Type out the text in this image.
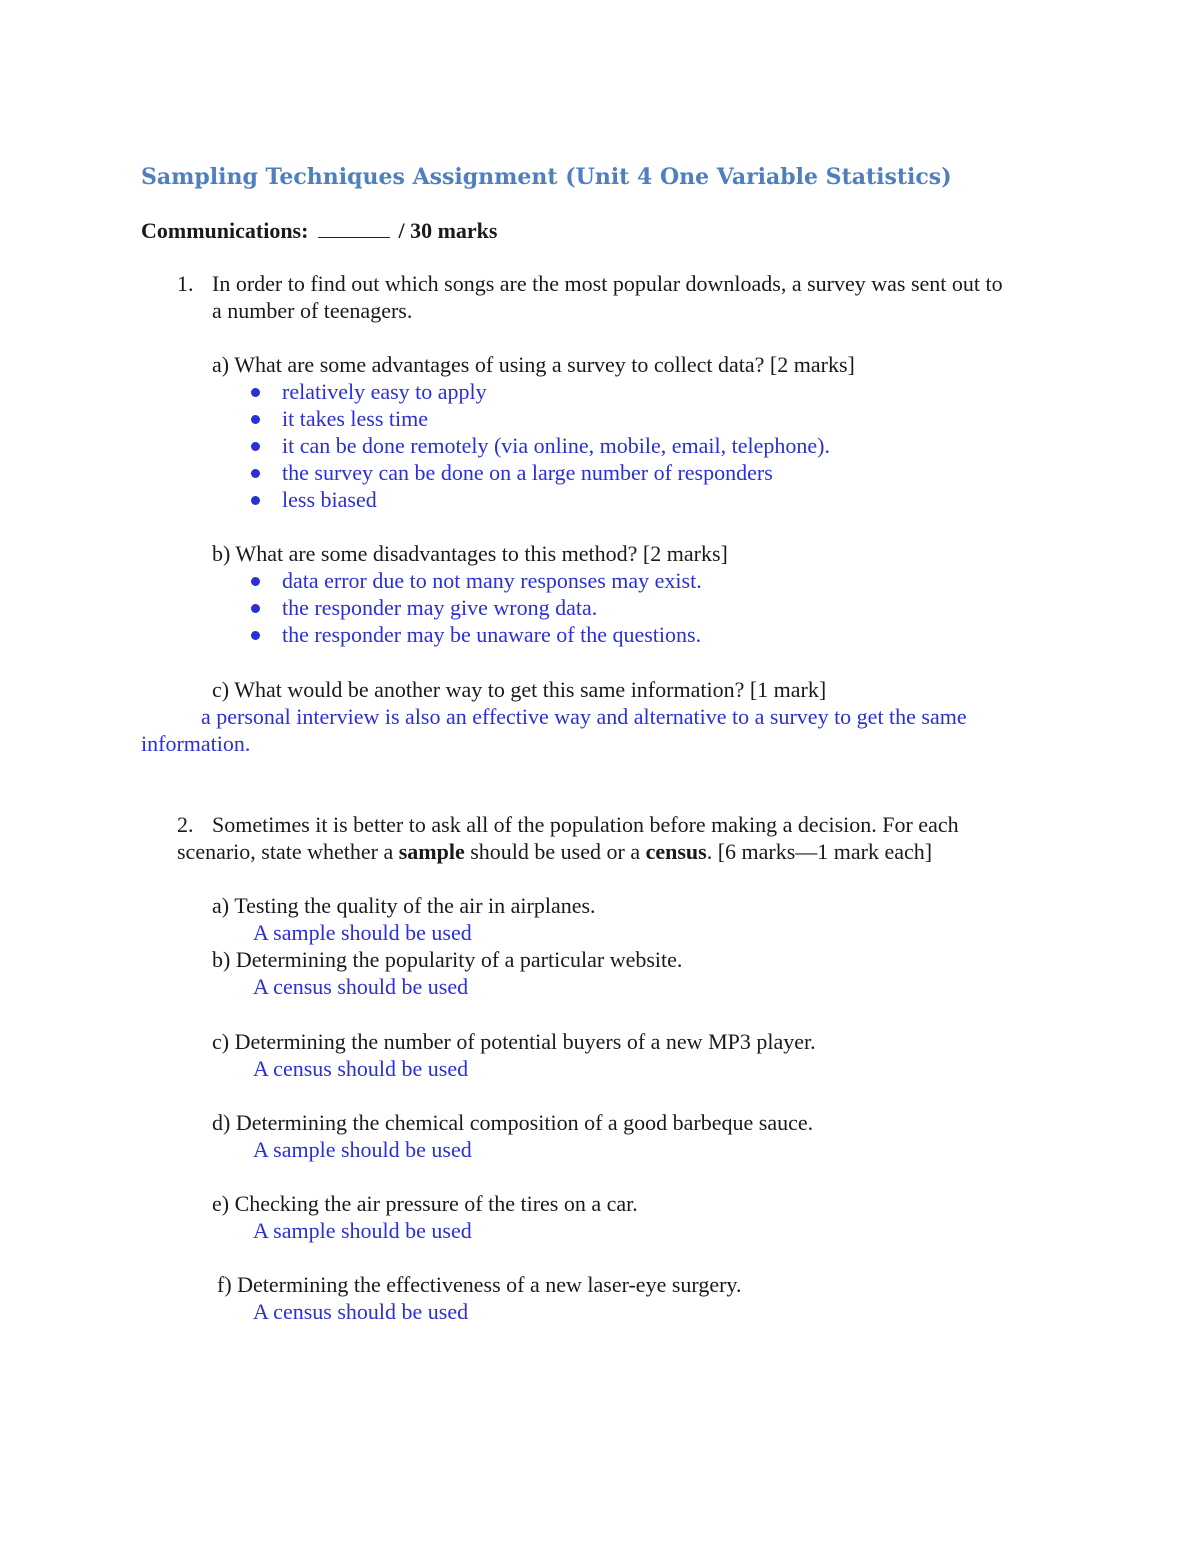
Sampling Techniques Assignment (Unit 4 One Variable Statistics)
Communications:	/ 30 marks
1. In order to find out which songs are the most popular downloads, a survey was sent out to
a number of teenagers.
a) What are some advantages of using a survey to collect data? [2 marks]
relatively easy to apply
it takes less time
it can be done remotely (via online, mobile, email, telephone).
the survey can be done on a large number of responders
less biased
b) What are some disadvantages to this method? [2 marks]
data error due to not many responses may exist.
the responder may give wrong data.
the responder may be unaware of the questions.
c) What would be another way to get this same information? [1 mark]
a personal interview is also an effective way and alternative to a survey to get the same
information.
2. Sometimes it is better to ask all of the population before making a decision. For each
scenario, state whether a sample should be used or a census. [6 marks—1 mark each]
a) Testing the quality of the air in airplanes.
A sample should be used
b) Determining the popularity of a particular website.
A census should be used
c) Determining the number of potential buyers of a new MP3 player.
A census should be used
d) Determining the chemical composition of a good barbeque sauce.
A sample should be used
e) Checking the air pressure of the tires on a car.
A sample should be used
f) Determining the effectiveness of a new laser-eye surgery.
A census should be used
